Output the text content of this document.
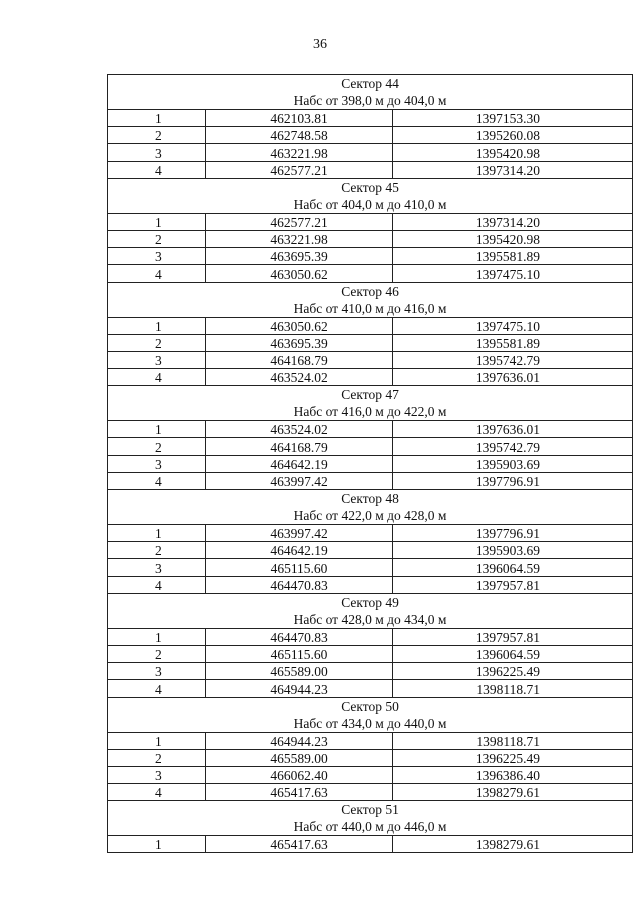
36
Сектор 44
Набс от 398,0 м до 404,0 м		

1	462103.81	1397153.30
2	462748.58	1395260.08
3	463221.98	1395420.98
4	462577.21	1397314.20

Сектор 45
Набс от 404,0 м до 410,0 м		

1	462577.21	1397314.20
2	463221.98	1395420.98
3	463695.39	1395581.89
4	463050.62	1397475.10

Сектор 46
Набс от 410,0 м до 416,0 м		

1	463050.62	1397475.10
2	463695.39	1395581.89
3	464168.79	1395742.79
4	463524.02	1397636.01

Сектор 47
Набс от 416,0 м до 422,0 м		

1	463524.02	1397636.01
2	464168.79	1395742.79
3	464642.19	1395903.69
4	463997.42	1397796.91

Сектор 48
Набс от 422,0 м до 428,0 м		

1	463997.42	1397796.91
2	464642.19	1395903.69
3	465115.60	1396064.59
4	464470.83	1397957.81

Сектор 49
Набс от 428,0 м до 434,0 м		

1	464470.83	1397957.81
2	465115.60	1396064.59
3	465589.00	1396225.49
4	464944.23	1398118.71

Сектор 50
Набс от 434,0 м до 440,0 м		

1	464944.23	1398118.71
2	465589.00	1396225.49
3	466062.40	1396386.40
4	465417.63	1398279.61

Сектор 51
Набс от 440,0 м до 446,0 м		

1	465417.63	1398279.61
